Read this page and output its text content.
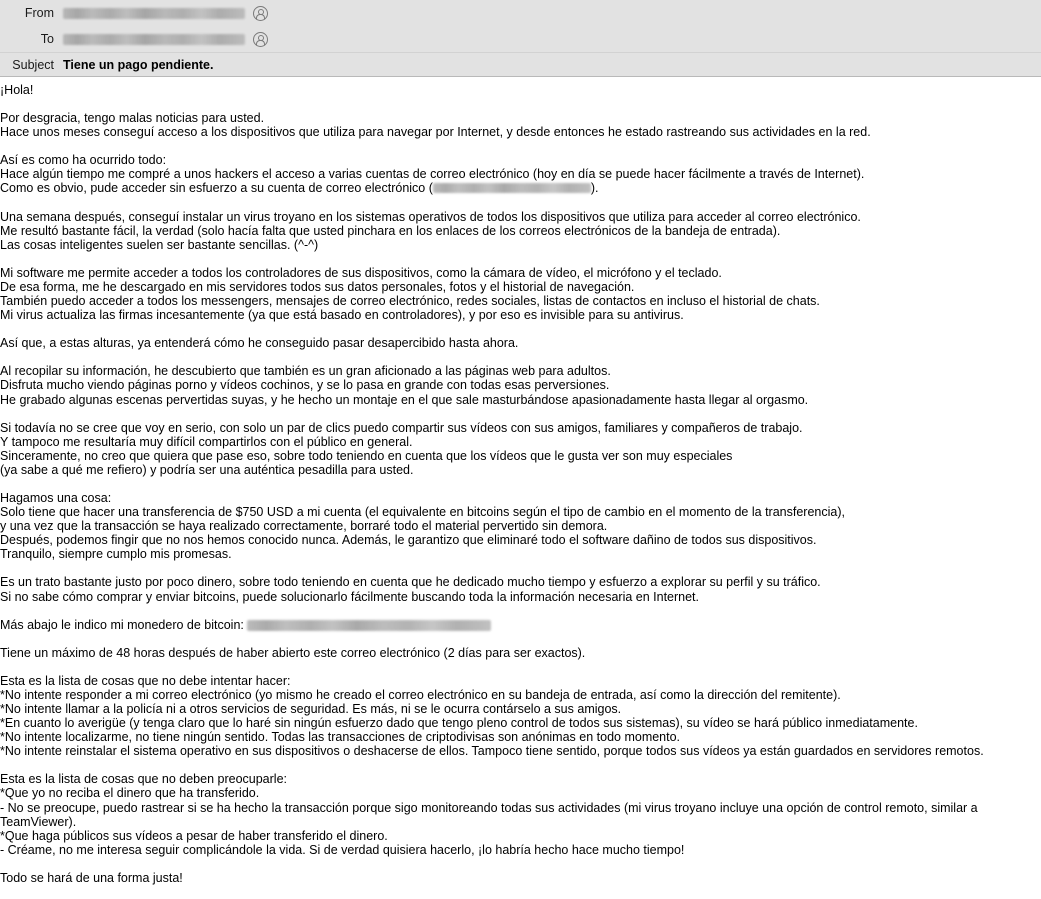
From
To
Subject Tiene un pago pendiente.
¡Hola!
Por desgracia, tengo malas noticias para usted.
Hace unos meses conseguí acceso a los dispositivos que utiliza para navegar por Internet, y desde entonces he estado rastreando sus actividades en la red.
Así es como ha ocurrido todo:
Hace algún tiempo me compré a unos hackers el acceso a varias cuentas de correo electrónico (hoy en día se puede hacer fácilmente a través de Internet).
Como es obvio, pude acceder sin esfuerzo a su cuenta de correo electrónico (	).
Una semana después, conseguí instalar un virus troyano en los sistemas operativos de todos los dispositivos que utiliza para acceder al correo electrónico.
Me resultó bastante fácil, la verdad (solo hacía falta que usted pinchara en los enlaces de los correos electrónicos de la bandeja de entrada).
Las cosas inteligentes suelen ser bastante sencillas. (^-^)
Mi software me permite acceder a todos los controladores de sus dispositivos, como la cámara de vídeo, el micrófono y el teclado.
De esa forma, me he descargado en mis servidores todos sus datos personales, fotos y el historial de navegación.
También puedo acceder a todos los messengers, mensajes de correo electrónico, redes sociales, listas de contactos en incluso el historial de chats.
Mi virus actualiza las firmas incesantemente (ya que está basado en controladores), y por eso es invisible para su antivirus.
Así que, a estas alturas, ya entenderá cómo he conseguido pasar desapercibido hasta ahora.
Al recopilar su información, he descubierto que también es un gran aficionado a las páginas web para adultos.
Disfruta mucho viendo páginas porno y vídeos cochinos, y se lo pasa en grande con todas esas perversiones.
He grabado algunas escenas pervertidas suyas, y he hecho un montaje en el que sale masturbándose apasionadamente hasta llegar al orgasmo.
Si todavía no se cree que voy en serio, con solo un par de clics puedo compartir sus vídeos con sus amigos, familiares y compañeros de trabajo.
Y tampoco me resultaría muy difícil compartirlos con el público en general.
Sinceramente, no creo que quiera que pase eso, sobre todo teniendo en cuenta que los vídeos que le gusta ver son muy especiales
(ya sabe a qué me refiero) y podría ser una auténtica pesadilla para usted.
Hagamos una cosa:
Solo tiene que hacer una transferencia de $750 USD a mi cuenta (el equivalente en bitcoins según el tipo de cambio en el momento de la transferencia),
y una vez que la transacción se haya realizado correctamente, borraré todo el material pervertido sin demora.
Después, podemos fingir que no nos hemos conocido nunca. Además, le garantizo que eliminaré todo el software dañino de todos sus dispositivos.
Tranquilo, siempre cumplo mis promesas.
Es un trato bastante justo por poco dinero, sobre todo teniendo en cuenta que he dedicado mucho tiempo y esfuerzo a explorar su perfil y su tráfico.
Si no sabe cómo comprar y enviar bitcoins, puede solucionarlo fácilmente buscando toda la información necesaria en Internet.
Más abajo le indico mi monedero de bitcoin:
Tiene un máximo de 48 horas después de haber abierto este correo electrónico (2 días para ser exactos).
Esta es la lista de cosas que no debe intentar hacer:
*No intente responder a mi correo electrónico (yo mismo he creado el correo electrónico en su bandeja de entrada, así como la dirección del remitente).
*No intente llamar a la policía ni a otros servicios de seguridad. Es más, ni se le ocurra contárselo a sus amigos.
*En cuanto lo averigüe (y tenga claro que lo haré sin ningún esfuerzo dado que tengo pleno control de todos sus sistemas), su vídeo se hará público inmediatamente.
*No intente localizarme, no tiene ningún sentido. Todas las transacciones de criptodivisas son anónimas en todo momento.
*No intente reinstalar el sistema operativo en sus dispositivos o deshacerse de ellos. Tampoco tiene sentido, porque todos sus vídeos ya están guardados en servidores remotos.
Esta es la lista de cosas que no deben preocuparle:
*Que yo no reciba el dinero que ha transferido.
- No se preocupe, puedo rastrear si se ha hecho la transacción porque sigo monitoreando todas sus actividades (mi virus troyano incluye una opción de control remoto, similar a TeamViewer).
*Que haga públicos sus vídeos a pesar de haber transferido el dinero.
- Créame, no me interesa seguir complicándole la vida. Si de verdad quisiera hacerlo, ¡lo habría hecho hace mucho tiempo!
Todo se hará de una forma justa!
